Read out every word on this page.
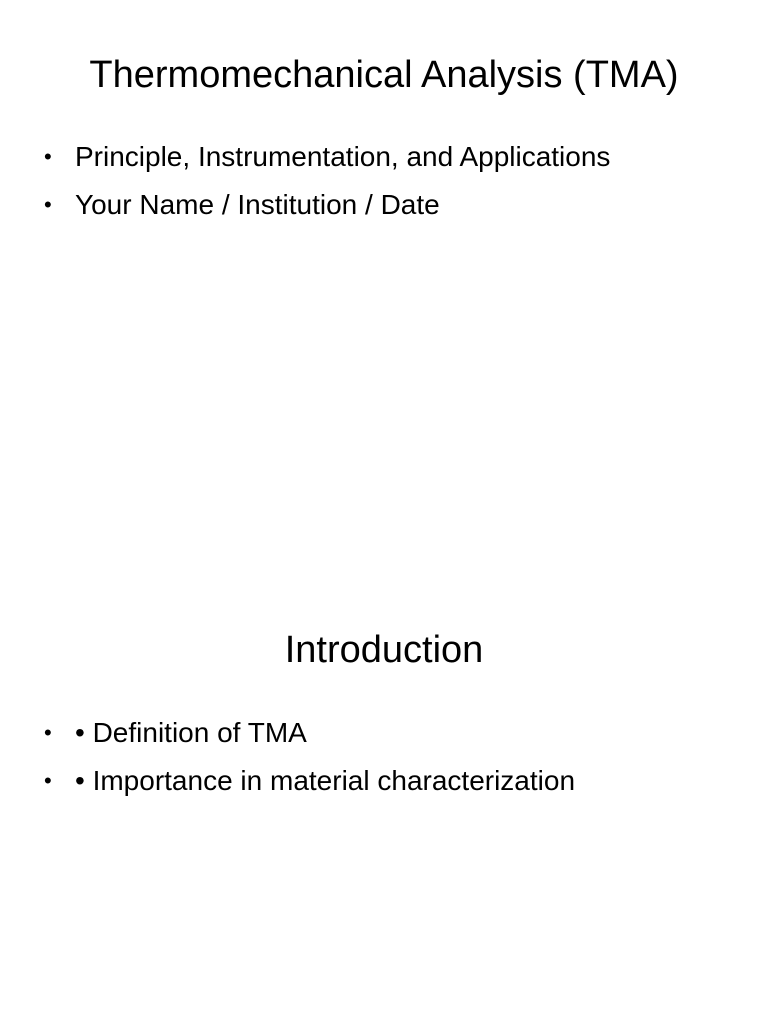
Thermomechanical Analysis (TMA)
• Principle, Instrumentation, and Applications
• Your Name / Institution / Date
Introduction
• • Definition of TMA
• • Importance in material characterization
